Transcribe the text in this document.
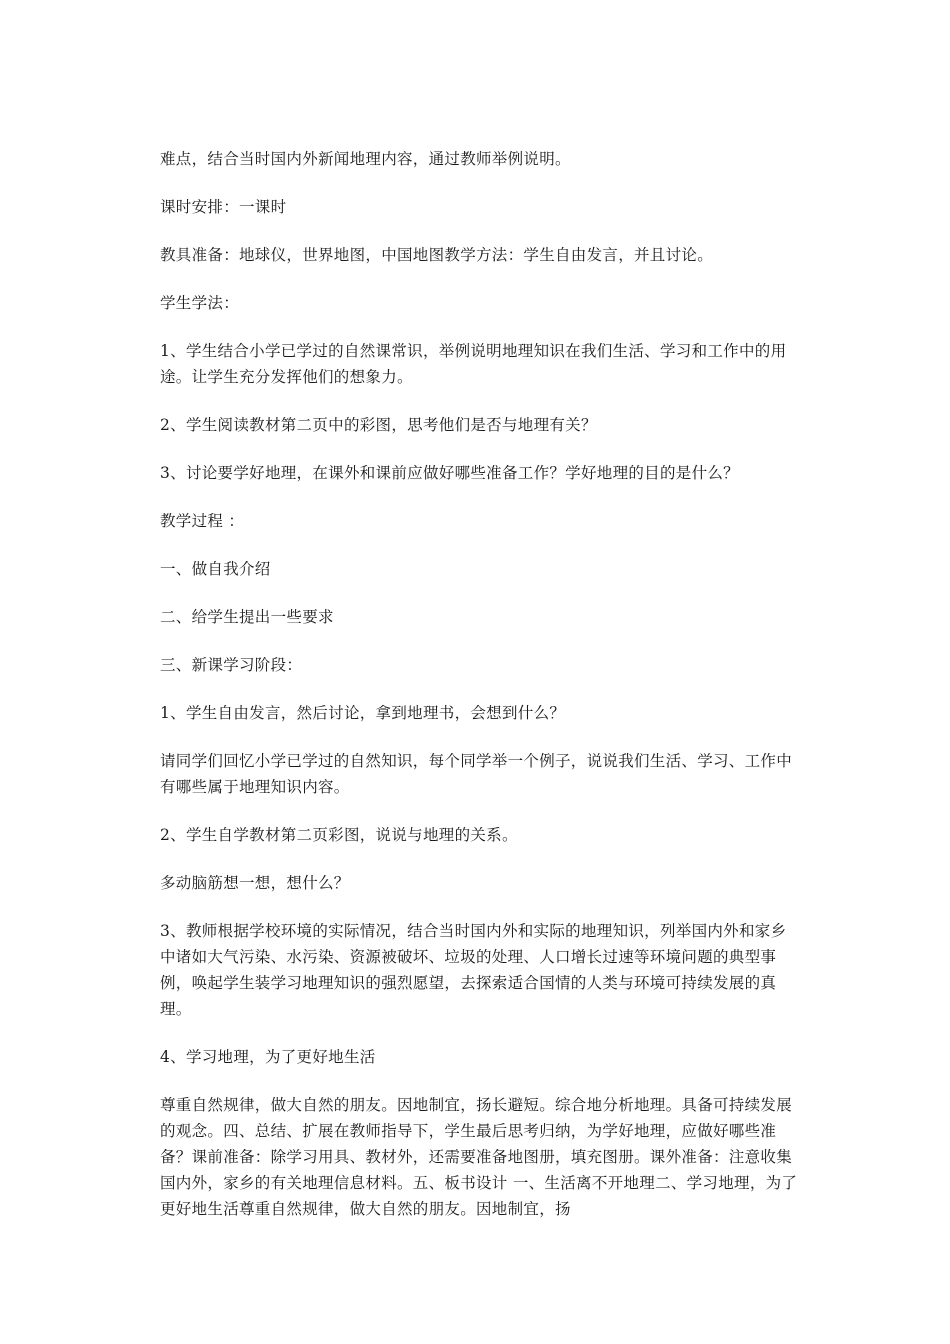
难点，结合当时国内外新闻地理内容，通过教师举例说明。

课时安排：一课时

教具准备：地球仪，世界地图，中国地图教学方法：学生自由发言，并且讨论。

学生学法：

1、学生结合小学已学过的自然课常识，举例说明地理知识在我们生活、学习和工作中的用途。让学生充分发挥他们的想象力。

2、学生阅读教材第二页中的彩图，思考他们是否与地理有关？

3、讨论要学好地理，在课外和课前应做好哪些准备工作？学好地理的目的是什么？

教学过程 ：

一、做自我介绍

二、给学生提出一些要求

三、新课学习阶段：

1、学生自由发言，然后讨论，拿到地理书，会想到什么？

请同学们回忆小学已学过的自然知识，每个同学举一个例子，说说我们生活、学习、工作中有哪些属于地理知识内容。

2、学生自学教材第二页彩图，说说与地理的关系。

多动脑筋想一想，想什么？

3、教师根据学校环境的实际情况，结合当时国内外和实际的地理知识，列举国内外和家乡中诸如大气污染、水污染、资源被破坏、垃圾的处理、人口增长过速等环境问题的典型事例，唤起学生装学习地理知识的强烈愿望，去探索适合国情的人类与环境可持续发展的真理。

4、学习地理，为了更好地生活

尊重自然规律，做大自然的朋友。因地制宜，扬长避短。综合地分析地理。具备可持续发展的观念。四、总结、扩展在教师指导下，学生最后思考归纳，为学好地理，应做好哪些准备？课前准备：除学习用具、教材外，还需要准备地图册，填充图册。课外准备：注意收集国内外，家乡的有关地理信息材料。五、板书设计 一、生活离不开地理二、学习地理，为了更好地生活尊重自然规律，做大自然的朋友。因地制宜，扬
